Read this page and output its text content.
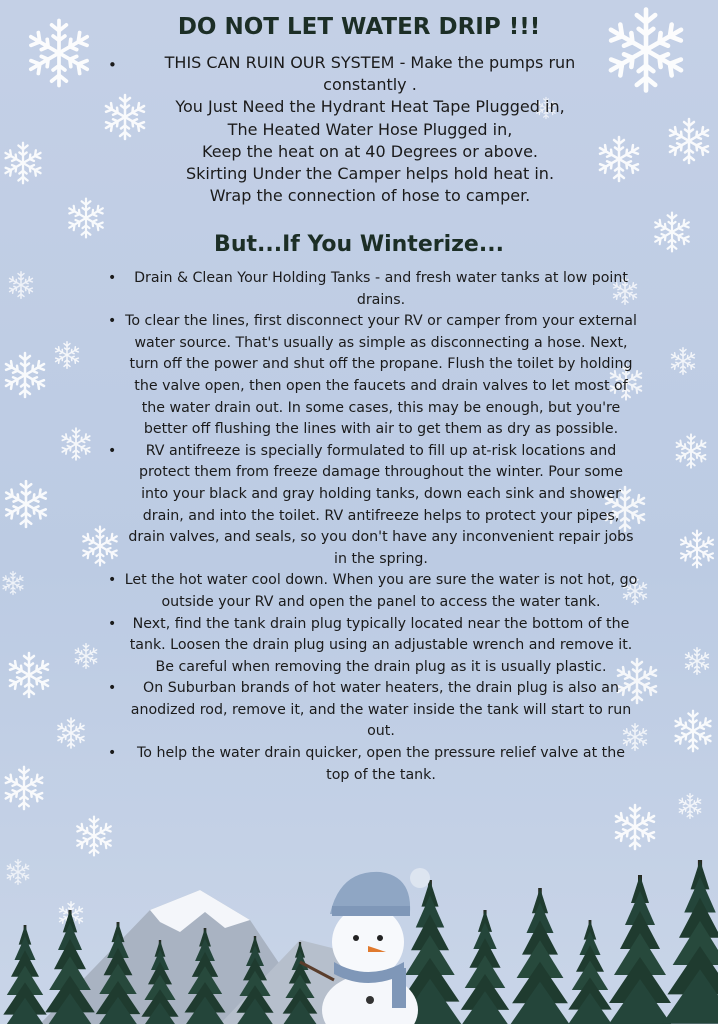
DO NOT LET WATER DRIP !!!
•	THIS CAN RUIN OUR SYSTEM - Make the pumps run
constantly .
You Just Need the Hydrant Heat Tape Plugged in,
The Heated Water Hose Plugged in,
Keep the heat on at 40 Degrees or above.
Skirting Under the Camper helps hold heat in.
Wrap the connection of hose to camper.
But...If You Winterize...
• Drain & Clean Your Holding Tanks - and fresh water tanks at low point drains.
• To clear the lines, first disconnect your RV or camper from your external water source. That's usually as simple as disconnecting a hose. Next, turn off the power and shut off the propane. Flush the toilet by holding the valve open, then open the faucets and drain valves to let most of the water drain out. In some cases, this may be enough, but you're better off flushing the lines with air to get them as dry as possible.
• RV antifreeze is specially formulated to fill up at-risk locations and protect them from freeze damage throughout the winter. Pour some into your black and gray holding tanks, down each sink and shower drain, and into the toilet. RV antifreeze helps to protect your pipes, drain valves, and seals, so you don't have any inconvenient repair jobs in the spring.
• Let the hot water cool down. When you are sure the water is not hot, go outside your RV and open the panel to access the water tank.
• Next, find the tank drain plug typically located near the bottom of the tank. Loosen the drain plug using an adjustable wrench and remove it. Be careful when removing the drain plug as it is usually plastic.
• On Suburban brands of hot water heaters, the drain plug is also an anodized rod, remove it, and the water inside the tank will start to run out.
• To help the water drain quicker, open the pressure relief valve at the top of the tank.
